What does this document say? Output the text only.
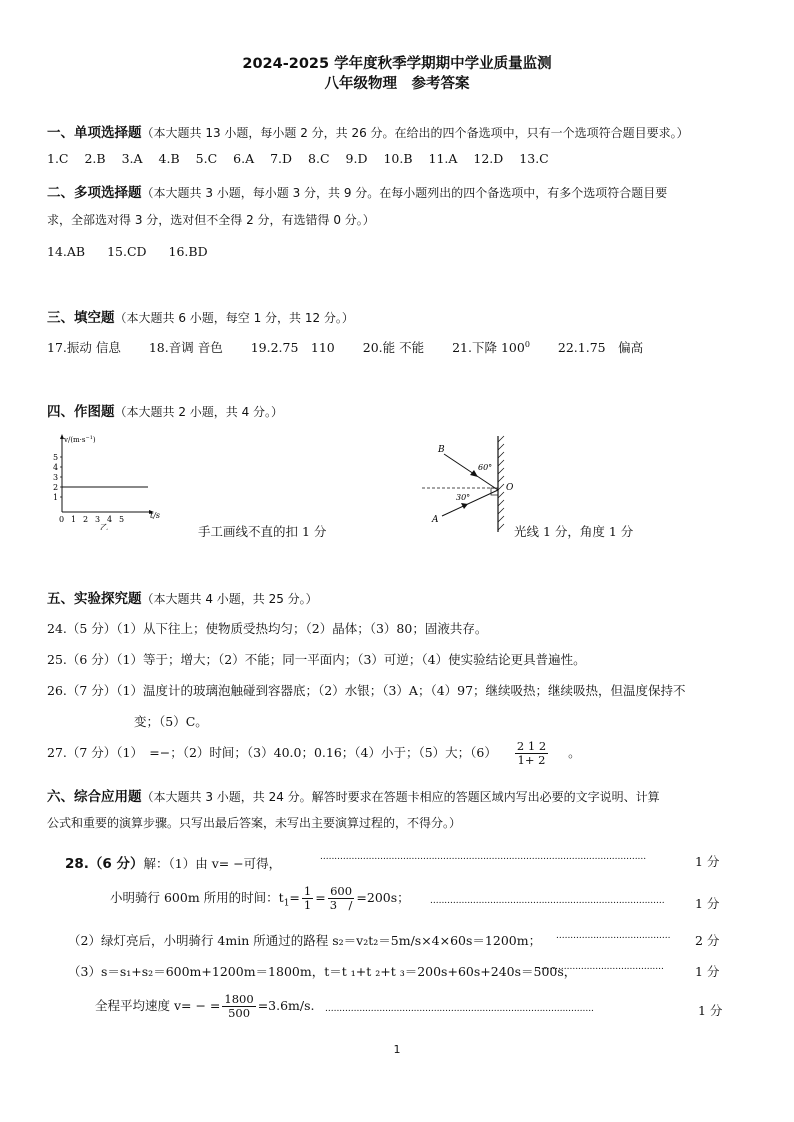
2024-2025 学年度秋季学期期中学业质量监测
八年级物理　参考答案
一、单项选择题（本大题共 13 小题，每小题 2 分，共 26 分。在给出的四个备选项中，只有一个选项符合题目要求。）
1.C 2.B 3.A 4.B 5.C 6.A 7.D 8.C 9.D 10.B 11.A 12.D 13.C
二、多项选择题（本大题共 3 小题，每小题 3 分，共 9 分。在每小题列出的四个备选项中，有多个选项符合题目要
求，全部选对得 3 分，选对但不全得 2 分，有选错得 0 分。）
14.AB 15.CD 16.BD
三、填空题（本大题共 6 小题，每空 1 分，共 12 分。）
17.振动 信息 18.音调 音色 19.2.75　110 20.能 不能 21.下降 $100^0$ 22.1.75　偏高
四、作图题（本大题共 2 小题，共 4 分。）
$v/(m\cdot s^{-1})$
5
4
3
2
1
0 1 2 3 4 5	t/s
乙	手工画线不直的扣 1 分
B
A
O
60°
30°
光线 1 分，角度 1 分
五、实验探究题（本大题共 4 小题，共 25 分。）
24.（5 分）（1）从下往上；使物质受热均匀；（2）晶体；（3）80；固液共存。
25.（6 分）（1）等于；增大；（2）不能；同一平面内；（3）可逆；（4）使实验结论更具普遍性。
26.（7 分）（1）温度计的玻璃泡触碰到容器底；（2）水银；（3）A；（4）97；继续吸热；继续吸热，但温度保持不
变；（5）C。
27.（7 分）（1）　=−；（2）时间；（3）40.0；0.16；（4）小于；（5）大；$(6) \frac{2 1 2}{1+ 2}$ 。
六、综合应用题（本大题共 3 小题，共 24 分。解答时要求在答题卡相应的答题区域内写出必要的文字说明、计算
公式和重要的演算步骤。只写出最后答案，未写出主要演算过程的，不得分。）
28.（6 分）解：（1）由 v= −可得，	..................................................................................................................	1 分
小明骑行 600m 所用的时间：$t_1= \frac{1}{1} = \frac{600}{3 /} =200s$； ..................................................................................	1 分
（2）绿灯亮后，小明骑行 4min 所通过的路程 s₂＝v₂t₂＝5m/s×4×60s＝1200m； ........................................	2 分
（3）s＝s₁+s₂＝600m+1200m＝1800m，t＝t ₁+t ₂+t ₃＝200s+60s+240s＝500s，
............................................	1 分
全程平均速度 v= − = $\frac{1800}{500} =3.6m/s$. ..............................................................................................	1 分
1
